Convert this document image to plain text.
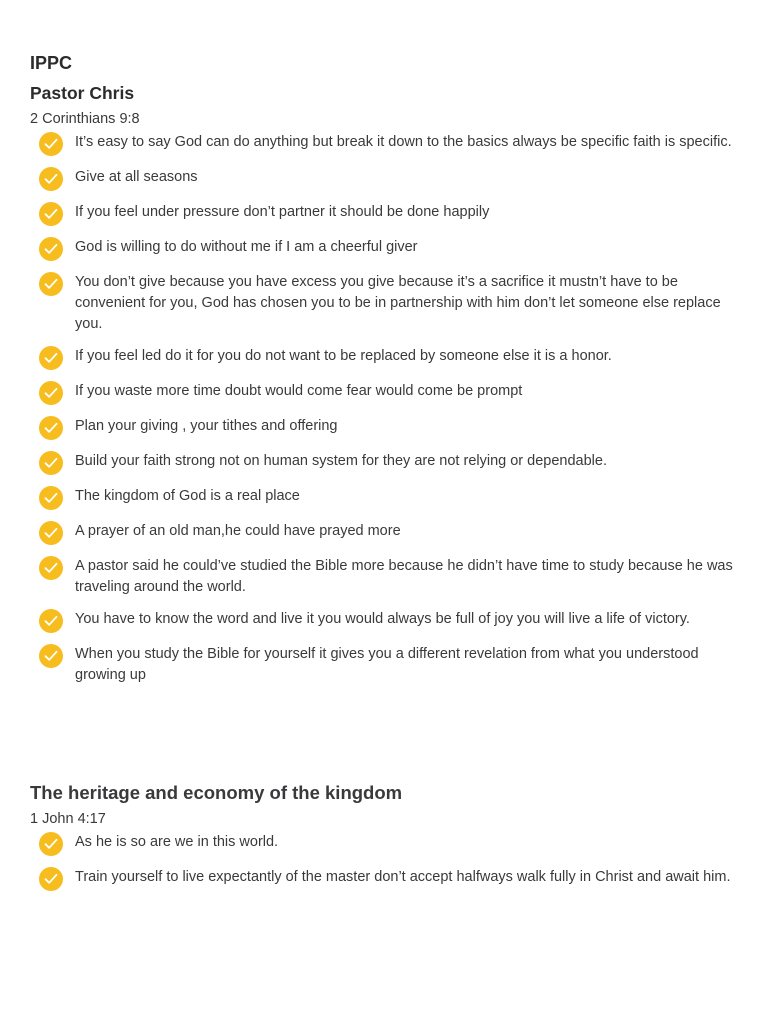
IPPC
Pastor Chris
2 Corinthians 9:8
It’s easy to say God can do anything but break it down to the basics always be specific faith is specific.
Give at all seasons
If you feel under pressure don’t partner it should be done happily
God is willing to do without me if I am a cheerful giver
You don’t give because you have excess you give because it’s a sacrifice it mustn’t have to be convenient for you, God has chosen you to be in partnership with him don’t let someone else replace you.
If you feel led do it for you do not want to be replaced by someone else it is a honor.
If you waste more time doubt would come fear would come be prompt
Plan your giving , your tithes and offering
Build your faith strong not on human system for they are not relying or dependable.
The kingdom of God is a real place
A prayer of an old man,he could have prayed more
A pastor said he could’ve studied the Bible more because he didn’t have time to study because he was traveling around the world.
You have to know the word and live it you would always be full of joy you will live a life of victory.
When you study the Bible for yourself it gives you a different revelation from what you understood growing up
The heritage and economy of the kingdom
1 John 4:17
As he is so are we in this world.
Train yourself to live expectantly of the master don’t accept halfways walk fully in Christ and await him.
